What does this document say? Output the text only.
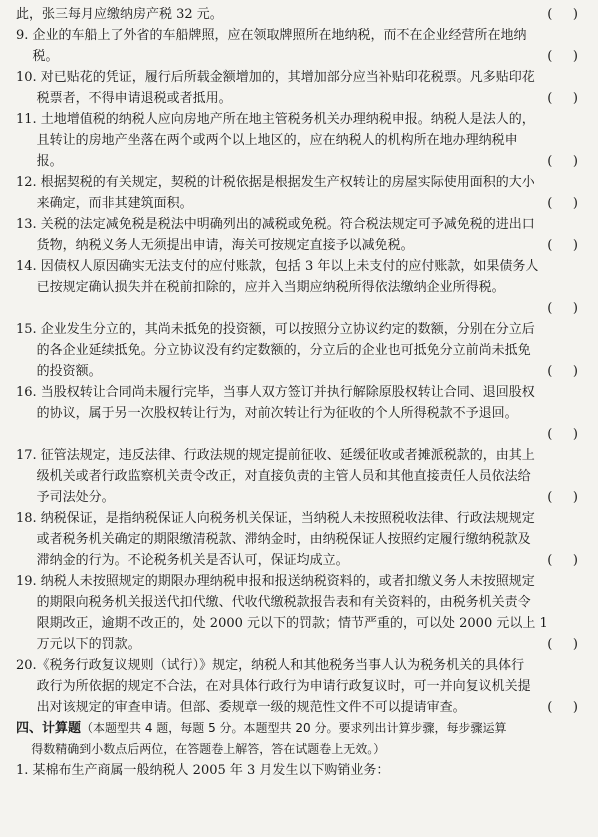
此，张三每月应缴纳房产税 32 元。	(     )
9. 企业的车船上了外省的车船牌照，应在领取牌照所在地纳税，而不在企业经营所在地纳
税。	(     )
10. 对已贴花的凭证，履行后所载金额增加的，其增加部分应当补贴印花税票。凡多贴印花
税票者，不得申请退税或者抵用。	(     )
11. 土地增值税的纳税人应向房地产所在地主管税务机关办理纳税申报。纳税人是法人的，
且转让的房地产坐落在两个或两个以上地区的，应在纳税人的机构所在地办理纳税申
报。	(     )
12. 根据契税的有关规定，契税的计税依据是根据发生产权转让的房屋实际使用面积的大小
来确定，而非其建筑面积。	(     )
13. 关税的法定减免税是税法中明确列出的减税或免税。符合税法规定可予减免税的进出口
货物，纳税义务人无须提出申请，海关可按规定直接予以减免税。	(     )
14. 因债权人原因确实无法支付的应付账款，包括 3 年以上未支付的应付账款，如果债务人
已按规定确认损失并在税前扣除的，应并入当期应纳税所得依法缴纳企业所得税。

(     )
15. 企业发生分立的，其尚未抵免的投资额，可以按照分立协议约定的数额，分别在分立后
的各企业延续抵免。分立协议没有约定数额的，分立后的企业也可抵免分立前尚未抵免
的投资额。	(     )
16. 当股权转让合同尚未履行完毕，当事人双方签订并执行解除原股权转让合同、退回股权
的协议，属于另一次股权转让行为，对前次转让行为征收的个人所得税款不予退回。

(     )
17. 征管法规定，违反法律、行政法规的规定提前征收、延缓征收或者摊派税款的，由其上
级机关或者行政监察机关责令改正，对直接负责的主管人员和其他直接责任人员依法给
予司法处分。	(     )
18. 纳税保证，是指纳税保证人向税务机关保证，当纳税人未按照税收法律、行政法规规定
或者税务机关确定的期限缴清税款、滞纳金时，由纳税保证人按照约定履行缴纳税款及
滞纳金的行为。不论税务机关是否认可，保证均成立。	(     )
19. 纳税人未按照规定的期限办理纳税申报和报送纳税资料的，或者扣缴义务人未按照规定
的期限向税务机关报送代扣代缴、代收代缴税款报告表和有关资料的，由税务机关责令
限期改正，逾期不改正的，处 2000 元以下的罚款；情节严重的，可以处 2000 元以上 1
万元以下的罚款。	(     )
20.《税务行政复议规则（试行）》规定，纳税人和其他税务当事人认为税务机关的具体行
政行为所依据的规定不合法，在对具体行政行为申请行政复议时，可一并向复议机关提
出对该规定的审查申请。但部、委规章一级的规范性文件不可以提请审查。	(     )
四、计算题（本题型共 4 题，每题 5 分。本题型共 20 分。要求列出计算步骤，每步骤运算
得数精确到小数点后两位，在答题卷上解答，答在试题卷上无效。）
1. 某棉布生产商属一般纳税人 2005 年 3 月发生以下购销业务：
